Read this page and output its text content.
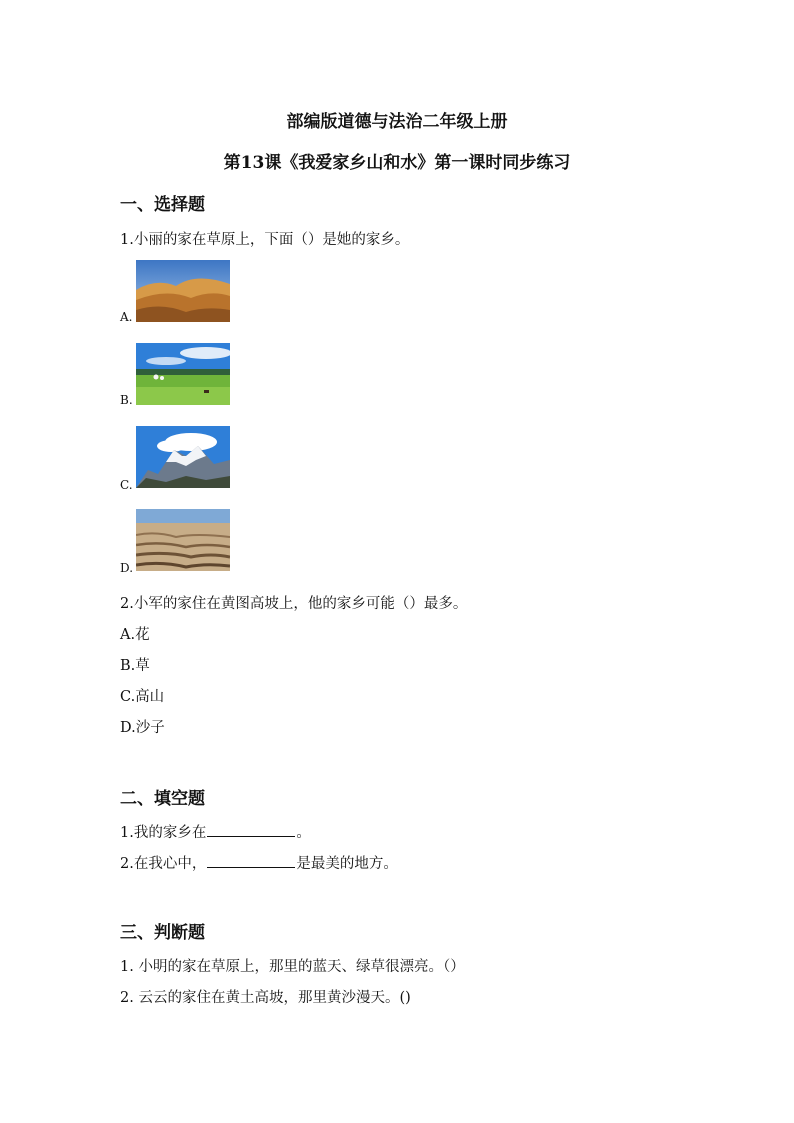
部编版道德与法治二年级上册
第13课《我爱家乡山和水》第一课时同步练习
一、选择题
1.小丽的家在草原上，下面（）是她的家乡。
A.
B.
C.
D.
2.小军的家住在黄图高坡上，他的家乡可能（）最多。
A.花
B.草
C.高山
D.沙子
二、填空题
1.我的家乡在	。
2.在我心中，	是最美的地方。
三、判断题
1. 小明的家在草原上，那里的蓝天、绿草很漂亮。（）
2. 云云的家住在黄土高坡，那里黄沙漫天。()
